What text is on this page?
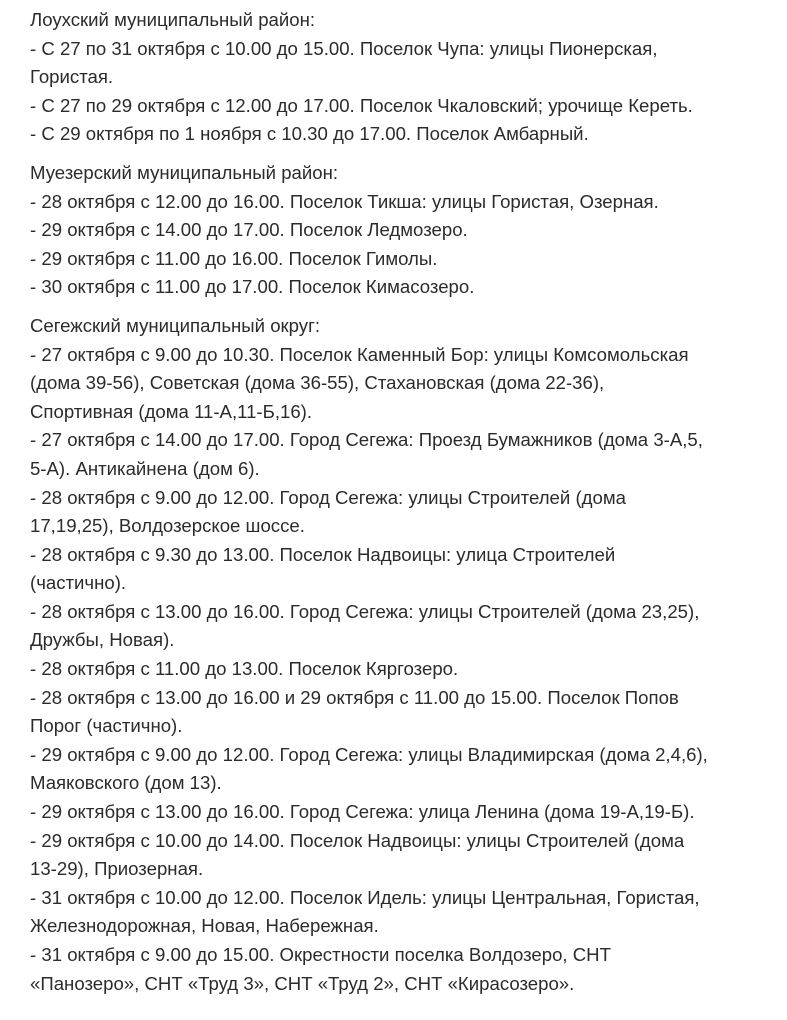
Лоухский муниципальный район:
- С 27 по 31 октября с 10.00 до 15.00. Поселок Чупа: улицы Пионерская,
Гористая.
- С 27 по 29 октября с 12.00 до 17.00. Поселок Чкаловский; урочище Кереть.
- С 29 октября по 1 ноября с 10.30 до 17.00. Поселок Амбарный.
Муезерский муниципальный район:
- 28 октября с 12.00 до 16.00. Поселок Тикша: улицы Гористая, Озерная.
- 29 октября с 14.00 до 17.00. Поселок Ледмозеро.
- 29 октября с 11.00 до 16.00. Поселок Гимолы.
- 30 октября с 11.00 до 17.00. Поселок Кимасозеро.
Сегежский муниципальный округ:
- 27 октября с 9.00 до 10.30. Поселок Каменный Бор: улицы Комсомольская
(дома 39-56), Советская (дома 36-55), Стахановская (дома 22-36),
Спортивная (дома 11-А,11-Б,16).
- 27 октября с 14.00 до 17.00. Город Сегежа: Проезд Бумажников (дома 3-А,5,
5-А). Антикайнена (дом 6).
- 28 октября с 9.00 до 12.00. Город Сегежа: улицы Строителей (дома
17,19,25), Волдозерское шоссе.
- 28 октября с 9.30 до 13.00. Поселок Надвоицы: улица Строителей
(частично).
- 28 октября с 13.00 до 16.00. Город Сегежа: улицы Строителей (дома 23,25),
Дружбы, Новая).
- 28 октября с 11.00 до 13.00. Поселок Кяргозеро.
- 28 октября с 13.00 до 16.00 и 29 октября с 11.00 до 15.00. Поселок Попов
Порог (частично).
- 29 октября с 9.00 до 12.00. Город Сегежа: улицы Владимирская (дома 2,4,6),
Маяковского (дом 13).
- 29 октября с 13.00 до 16.00. Город Сегежа: улица Ленина (дома 19-А,19-Б).
- 29 октября с 10.00 до 14.00. Поселок Надвоицы: улицы Строителей (дома
13-29), Приозерная.
- 31 октября с 10.00 до 12.00. Поселок Идель: улицы Центральная, Гористая,
Железнодорожная, Новая, Набережная.
- 31 октября с 9.00 до 15.00. Окрестности поселка Волдозеро, СНТ
«Панозеро», СНТ «Труд 3», СНТ «Труд 2», СНТ «Кирасозеро».
